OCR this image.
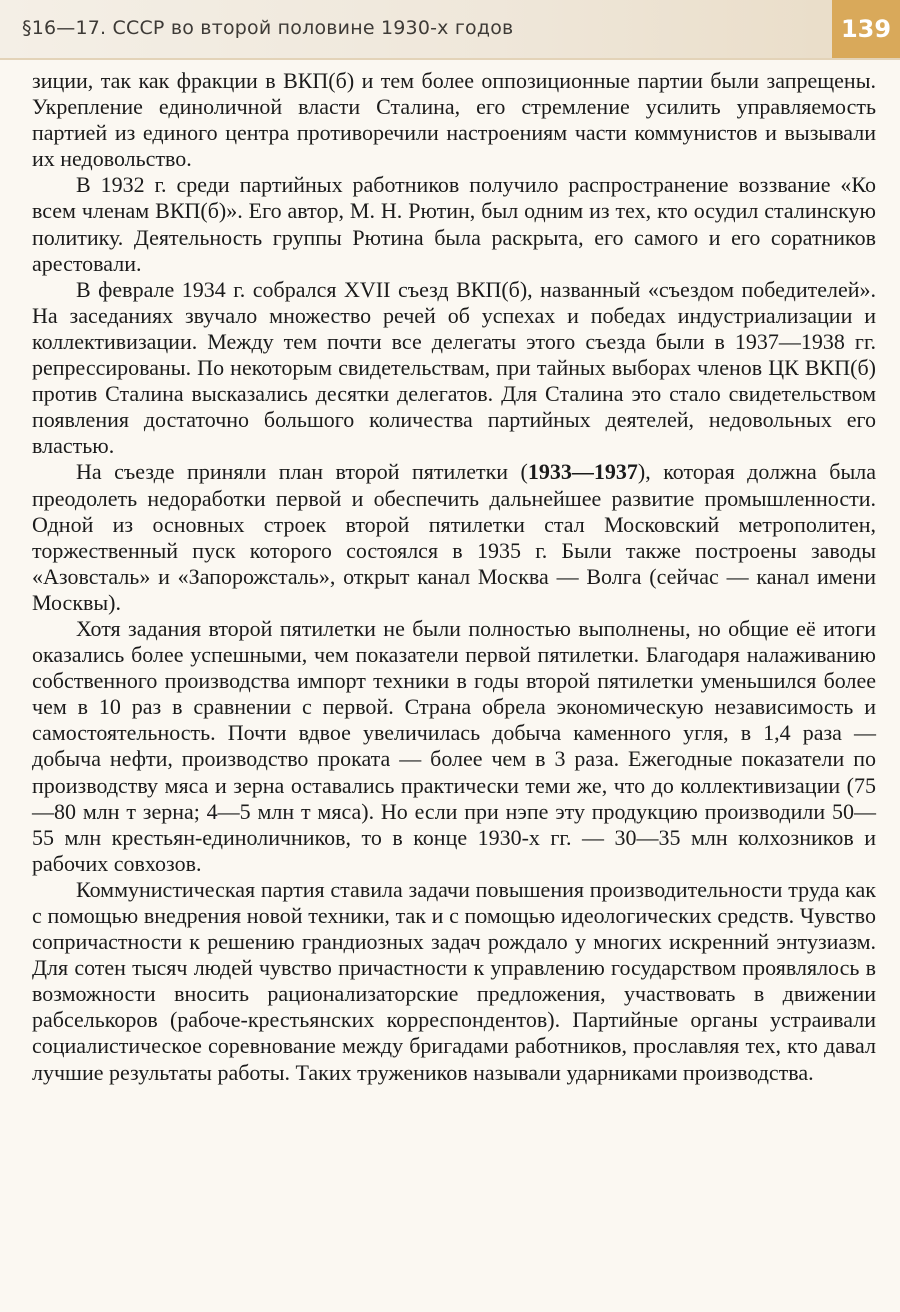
§16—17. СССР во второй половине 1930-х годов	139

зиции, так как фракции в ВКП(б) и тем более оппозиционные партии были запрещены. Укрепление единоличной власти Сталина, его стремление усилить управляемость партией из единого центра противоречили настроениям части коммунистов и вызывали их недовольство.

В 1932 г. среди партийных работников получило распространение воззвание «Ко всем членам ВКП(б)». Его автор, М. Н. Рютин, был одним из тех, кто осудил сталинскую политику. Деятельность группы Рютина была раскрыта, его самого и его соратников арестовали.

В феврале 1934 г. собрался XVII съезд ВКП(б), названный «съездом победителей». На заседаниях звучало множество речей об успехах и победах индустриализации и коллективизации. Между тем почти все делегаты этого съезда были в 1937—1938 гг. репрессированы. По некоторым свидетельствам, при тайных выборах членов ЦК ВКП(б) против Сталина высказались десятки делегатов. Для Сталина это стало свидетельством появления достаточно большого количества партийных деятелей, недовольных его властью.

На съезде приняли план второй пятилетки (1933—1937), которая должна была преодолеть недоработки первой и обеспечить дальнейшее развитие промышленности. Одной из основных строек второй пятилетки стал Московский метрополитен, торжественный пуск которого состоялся в 1935 г. Были также построены заводы «Азовсталь» и «Запорожсталь», открыт канал Москва — Волга (сейчас — канал имени Москвы).

Хотя задания второй пятилетки не были полностью выполнены, но общие её итоги оказались более успешными, чем показатели первой пятилетки. Благодаря налаживанию собственного производства импорт техники в годы второй пятилетки уменьшился более чем в 10 раз в сравнении с первой. Страна обрела экономическую независимость и самостоятельность. Почти вдвое увеличилась добыча каменного угля, в 1,4 раза — добыча нефти, производство проката — более чем в 3 раза. Ежегодные показатели по производству мяса и зерна оставались практически теми же, что до коллективизации (75—80 млн т зерна; 4—5 млн т мяса). Но если при нэпе эту продукцию производили 50—55 млн крестьян-единоличников, то в конце 1930-х гг. — 30—35 млн колхозников и рабочих совхозов.

Коммунистическая партия ставила задачи повышения производительности труда как с помощью внедрения новой техники, так и с помощью идеологических средств. Чувство сопричастности к решению грандиозных задач рождало у многих искренний энтузиазм. Для сотен тысяч людей чувство причастности к управлению государством проявлялось в возможности вносить рационализаторские предложения, участвовать в движении рабселькоров (рабоче-крестьянских корреспондентов). Партийные органы устраивали социалистическое соревнование между бригадами работников, прославляя тех, кто давал лучшие результаты работы. Таких тружеников называли ударниками производства.
